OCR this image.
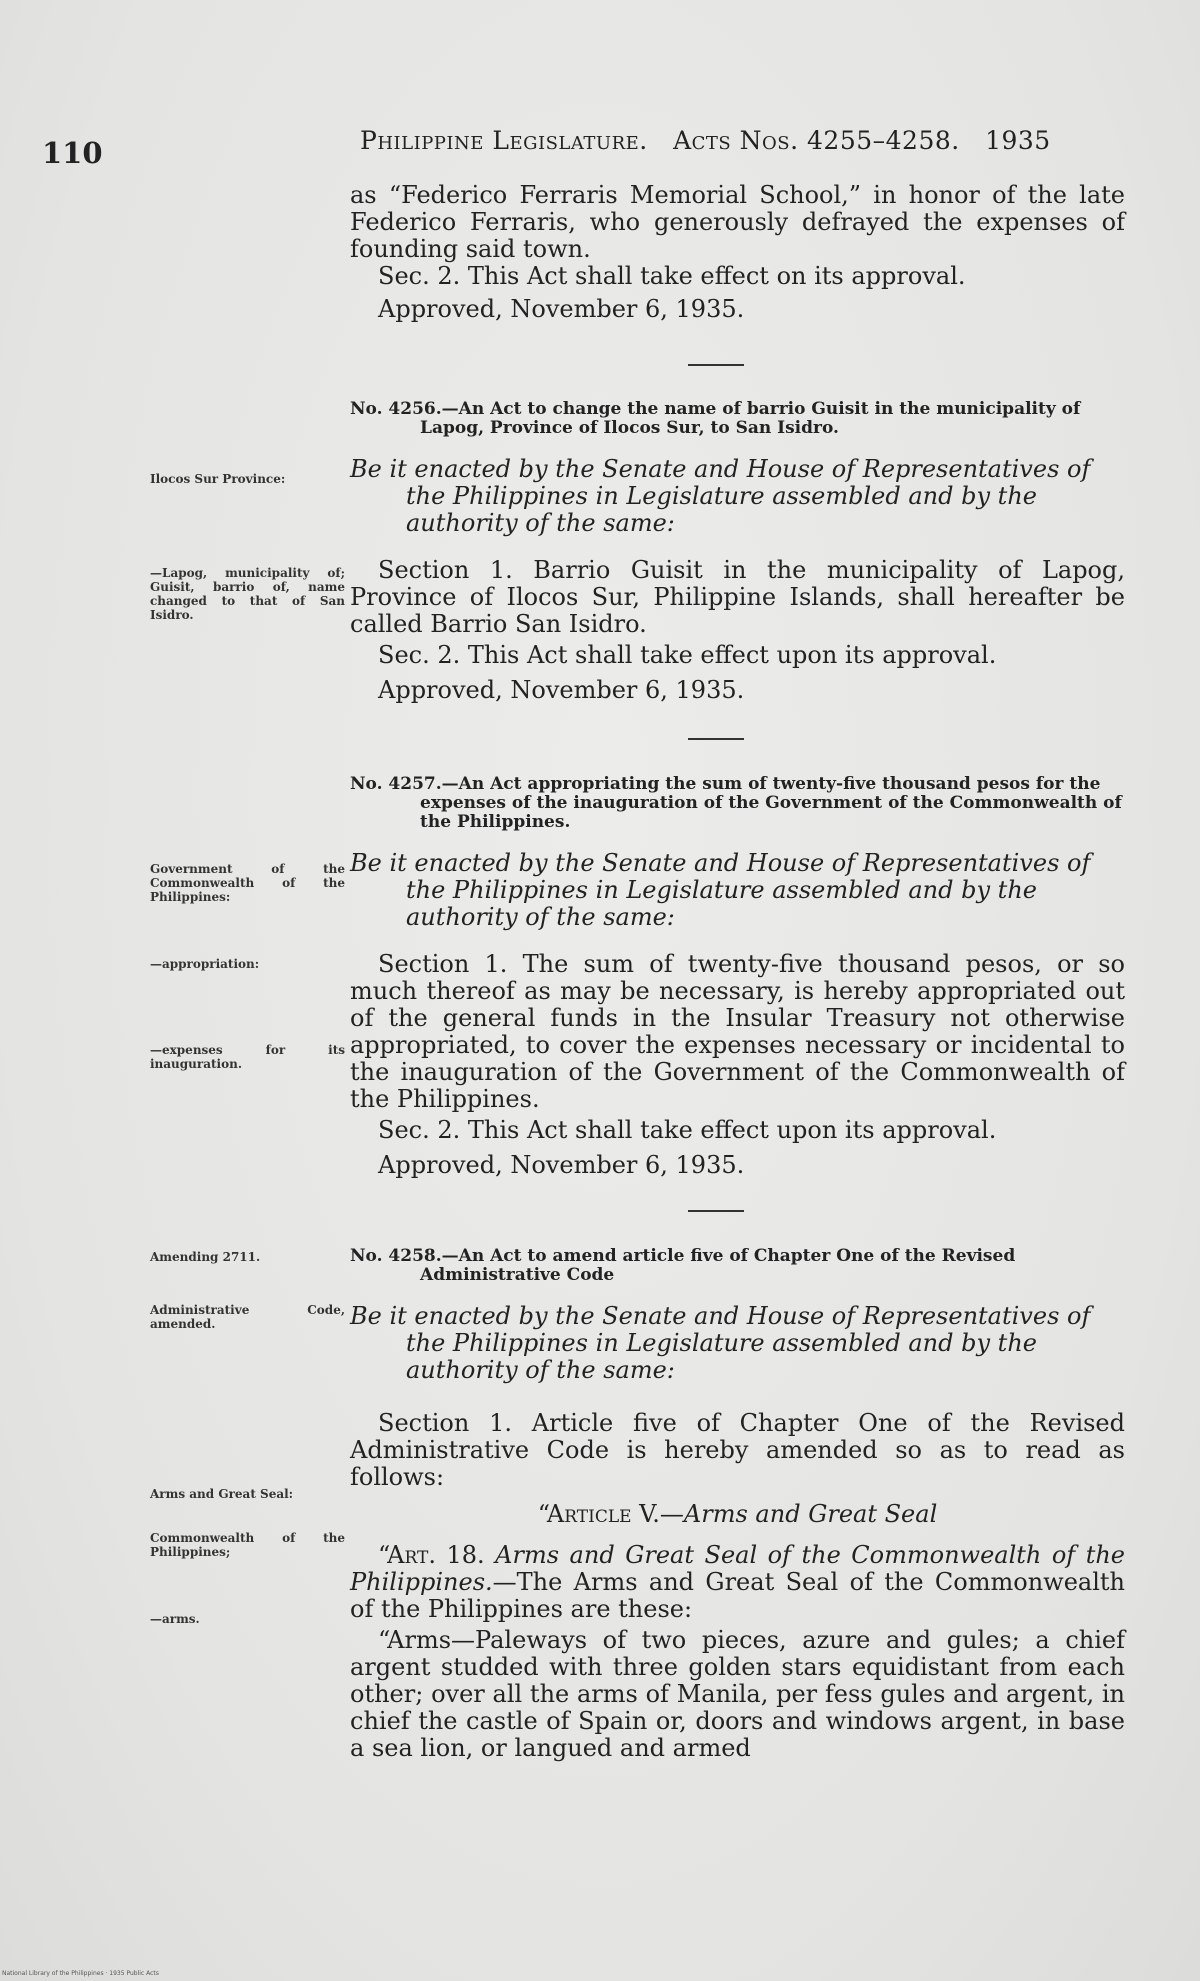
110	Philippine Legislature. Acts Nos. 4255–4258. 1935

as “Federico Ferraris Memorial School,” in honor of the late Federico Ferraris, who generously defrayed the expenses of founding said town.

Sec. 2. This Act shall take effect on its approval.

Approved, November 6, 1935.

No. 4256.—An Act to change the name of barrio Guisit in the municipality of Lapog, Province of Ilocos Sur, to San Isidro.

Be it enacted by the Senate and House of Representatives of the Philippines in Legislature assembled and by the authority of the same:

Section 1. Barrio Guisit in the municipality of Lapog, Province of Ilocos Sur, Philippine Islands, shall hereafter be called Barrio San Isidro.

Sec. 2. This Act shall take effect upon its approval.

Approved, November 6, 1935.

Ilocos Sur Province:
—Lapog, municipality of; Guisit, barrio of, name changed to that of San Isidro.

No. 4257.—An Act appropriating the sum of twenty-five thousand pesos for the expenses of the inauguration of the Government of the Commonwealth of the Philippines.

Be it enacted by the Senate and House of Representatives of the Philippines in Legislature assembled and by the authority of the same:

Section 1. The sum of twenty-five thousand pesos, or so much thereof as may be necessary, is hereby appropriated out of the general funds in the Insular Treasury not otherwise appropriated, to cover the expenses necessary or incidental to the inauguration of the Government of the Commonwealth of the Philippines.

Sec. 2. This Act shall take effect upon its approval.

Approved, November 6, 1935.

Government of the Commonwealth of the Philippines:
—appropriation:
—expenses for its inauguration.

No. 4258.—An Act to amend article five of Chapter One of the Revised Administrative Code

Be it enacted by the Senate and House of Representatives of the Philippines in Legislature assembled and by the authority of the same:

Section 1. Article five of Chapter One of the Revised Administrative Code is hereby amended so as to read as follows:

“Article V.—Arms and Great Seal

“Art. 18. Arms and Great Seal of the Commonwealth of the Philippines.—The Arms and Great Seal of the Commonwealth of the Philippines are these:

“Arms—Paleways of two pieces, azure and gules; a chief argent studded with three golden stars equidistant from each other; over all the arms of Manila, per fess gules and argent, in chief the castle of Spain or, doors and windows argent, in base a sea lion, or langued and armed

Amending 2711.
Administrative Code, amended.
Arms and Great Seal:
Commonwealth of the Philippines;
—arms.
National Library of the Philippines · 1935 Public Acts
